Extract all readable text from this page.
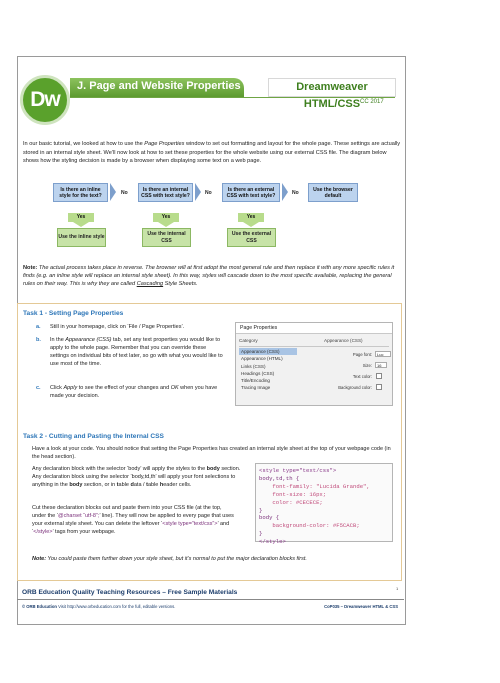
Dw
J. Page and Website Properties	Dreamweaver HTML/CSS CC 2017
In our basic tutorial, we looked at how to use the Page Properties window to set out formatting and layout for the whole page. These settings are actually stored in an internal style sheet. We’ll now look at how to set these properties for the whole website using our external CSS file. The diagram below shows how the styling decision is made by a browser when displaying some text on a web page.
Is there an inline style for the text?	No
Is there an internal CSS with text style?	No
Is there an external CSS with text style?	No
Use the browser default
Yes	Yes	Yes
Use the inline style
Use the internal CSS
Use the external CSS
Note: The actual process takes place in reverse. The browser will at first adopt the most general rule and then replace it with any more specific rules it finds (e.g. an inline style will replace an internal style sheet). In this way, styles will cascade down to the most specific available, replacing the general rules on their way. This is why they are called Cascading Style Sheets.
Task 1 - Setting Page Properties
a. Still in your homepage, click on ‘File / Page Properties’.
b. In the Appearance (CSS) tab, set any text properties you would like to apply to the whole page. Remember that you can override these settings on individual bits of text later, so go with what you would like to use most of the time.
c. Click Apply to see the effect of your changes and OK when you have made your decision.
Page Properties
Category	Appearance (CSS)
Appearance (CSS)
Appearance (HTML)
Links (CSS)
Headings (CSS)
Title/Encoding
Tracing Image
Page font:	Luc
Size:	16
Text color:
Background color:
Task 2 - Cutting and Pasting the Internal CSS
Have a look at your code. You should notice that setting the Page Properties has created an internal style sheet at the top of your webpage code (in the head section).
Any declaration block with the selector ‘body’ will apply the styles to the body section. Any declaration block using the selector ‘body,td,th’ will apply your font selections to anything in the body section, or in table data / table header cells.
Cut these declaration blocks out and paste them into your CSS file (at the top, under the ‘@charset “utf-8”;’ line). They will now be applied to every page that uses your external style sheet. You can delete the leftover ‘<style type=”text/css”>’ and ‘</style>’ tags from your webpage.
<style type="text/css">
body,td,th {
font-family: "Lucida Grande",
font-size: 16px;
color: #CECECE;
}
body {
background-color: #F5CACB;
}
</style>
Note: You could paste them further down your style sheet, but it’s normal to put the major declaration blocks first.
ORB Education Quality Teaching Resources – Free Sample Materials
1
© ORB Education Visit http://www.orbeducation.com for the full, editable versions.	CoP035 – Dreamweaver HTML & CSS
